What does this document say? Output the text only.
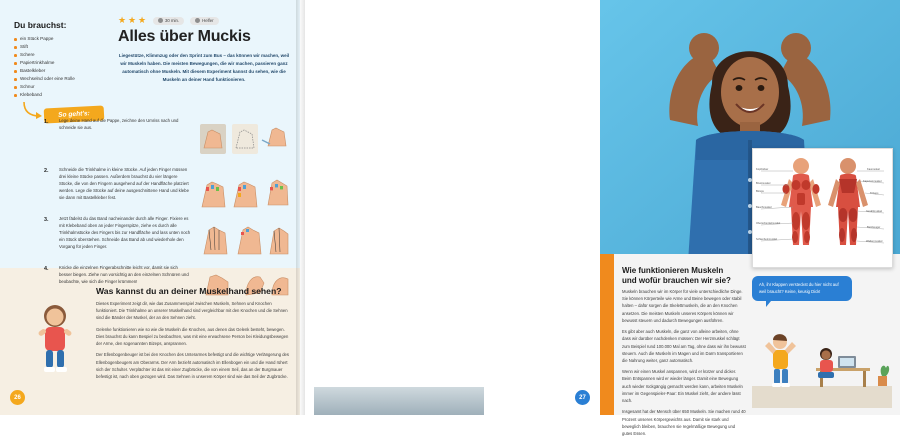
Du brauchst:
ein Stück Pappe
Stift
Schere
Papiertrinkhalme
Bastelkleber
Wechselnd oder eine Rolle
Schnur
Klebeband
So geht's:
★ ★ ★	30 min.	Helfer
Alles über Muckis
Liegestütze, Klimmzug oder den Sprint zum Bus – das können wir machen, weil wir Muskeln haben. Die meisten Bewegungen, die wir machen, passieren ganz automatisch ohne Muskeln. Mit diesem Experiment kannst du sehen, wie die Muskeln an deiner Hand funktionieren.
1.	Lege deine Hand auf die Pappe, zeichne den Umriss nach und schneide sie aus.
2.	Schneide die Trinkhalme in kleine Stücke. Auf jeden Finger müssen drei kleine Stücke passen. Außerdem brauchst du vier längere Stücke, die von den Fingern ausgehend auf der Handfläche platziert werden. Lege die Stücke auf deine ausgeschnittene Hand und klebe sie dann mit Bastelkleber fest.
3.	Jetzt fädelst du das Band nacheinander durch alle Finger. Fixiere es mit Klebeband oben an jeder Fingerspitze, ziehe es durch alle Trinkhalmstücke des Fingers bis zur Handfläche und lass unten noch ein Stück überstehen. Schneide das Band ab und wiederhole den Vorgang für jeden Finger.
4.	Knicke die einzelnen Fingerabschnitte leicht vor, damit sie sich besser biegen. Ziehe nun vorsichtig an den einzelnen Schnüren und beobachte, wie sich die Finger krümmen!
Was kannst du an deiner Muskelhand sehen?

Dieses Experiment zeigt dir, wie das Zusammenspiel zwischen Muskeln, Sehnen und Knochen funktioniert. Die Trinkhalme an unserer Muskelhand sind vergleichbar mit den Knochen und die Sehnen sind die Bänder der Muskel, der an den Sehnen zieht.

Gelenke funktionieren wie so wie die Muskeln die Knochen, aus denen das Gelenk besteht, bewegen. Dies brauchst du kann Bespiel zu beobachten, was mit eine erwachsene Person bei Kleidungsbewegen der Arme, den sogenannten Bizeps, ansprannen.

Der Ellenbogenbeuger ist bei den Knochen des Unterarmes befestigt und die wichtige Verlängerung des Ellenbogenbeugers am Oberarms. Der Arm bezieht automatisch im Ellenbogen ein und die Hand rühert sich der Schulter. Verplächter ist das mit einer Zugbrücke, die von einem Seil, das an der Burgmauer befestigt ist, nach oben gezogen wird. Das Sehnen in unserem Körper sind wie das Seil der Zugbrücke.

26
Kopfnicker
Brustmuskel
Bizeps
Bauchmuskel
Oberschenkelmuskel
Schienbeinmuskel
Kaumuskel
Kapuzenmuskel
Trizeps
Gesäßmuskel
Beinbeuger
Wadenmuskel
Wie funktionieren Muskeln und wofür brauchen wir sie?

Muskeln brauchen wir im Körper für viele unterschiedliche Dinge. Sie können Körperteile wie Arme und Beine bewegen oder stabil halten – dafür sorgen die Skelettmuskeln, die an den Knochen ansetzen. Die meisten Muskeln unseres Körpers können wir bewusst steuern und dadurch Bewegungen ausführen.

Es gibt aber auch Muskeln, die ganz von alleine arbeiten, ohne dass wir darüber nachdenken müssen: Der Herzmuskel schlägt zum Beispiel rund 100.000 Mal am Tag, ohne dass wir ihn bewusst steuern. Auch die Muskeln im Magen und im Darm transportieren die Nahrung weiter, ganz automatisch.

Wenn wir einen Muskel anspannen, wird er kürzer und dicker. Beim Entspannen wird er wieder länger. Damit eine Bewegung auch wieder rückgängig gemacht werden kann, arbeiten Muskeln immer im Gegenspieler-Paar: Ein Muskel zieht, der andere lässt nach.

Insgesamt hat der Mensch über 650 Muskeln. Sie machen rund 40 Prozent unseres Körpergewichts aus. Damit sie stark und beweglich bleiben, brauchen sie regelmäßige Bewegung und gutes Essen.

Ah, ihr Klappen versteckst du hier nicht auf weil braucht? Keine, keusig Dick!
27
